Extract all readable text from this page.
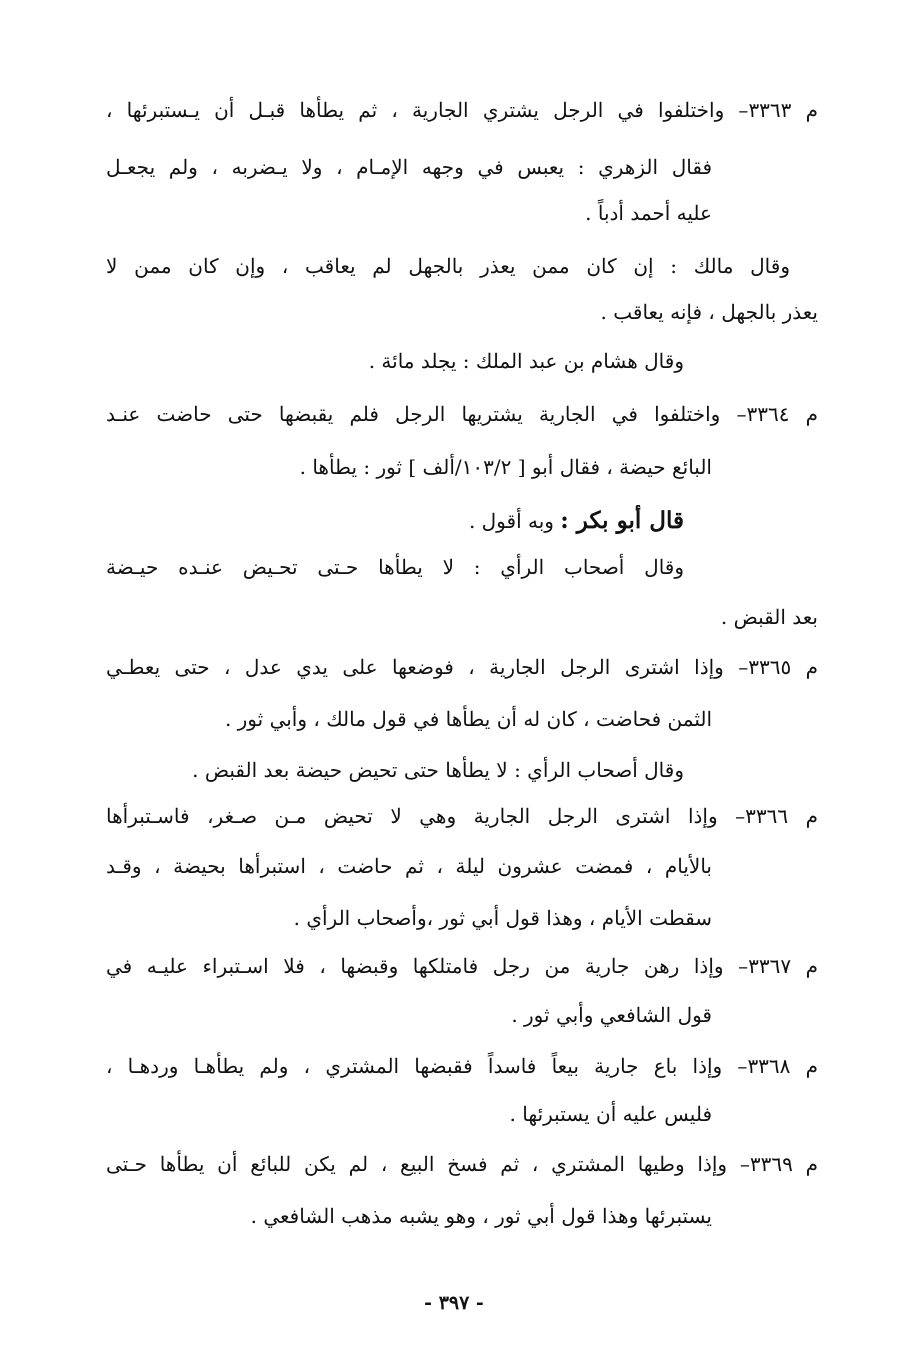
م ٣٣٦٣– واختلفوا في الرجل يشتري الجارية ، ثم يطأها قبـل أن يـستبرئها ،
فقال الزهري : يعبس في وجهه الإمـام ، ولا يـضربه ، ولم يجعـل
عليه أحمد أدباً .
وقال مالك : إن كان ممن يعذر بالجهل لم يعاقب ، وإن كان ممن لا
يعذر بالجهل ، فإنه يعاقب .
وقال هشام بن عبد الملك : يجلد مائة .
م ٣٣٦٤– واختلفوا في الجارية يشتريها الرجل فلم يقبضها حتى حاضت عنـد
البائع حيضة ، فقال أبو [ ١٠٣/٢/ألف ] ثور : يطأها .
قال أبو بكر : وبه أقول .
وقال أصحاب الرأي : لا يطأها حـتى تحـيض عنـده حيـضة
بعد القبض .
م ٣٣٦٥– وإذا اشترى الرجل الجارية ، فوضعها على يدي عدل ، حتى يعطـي
الثمن فحاضت ، كان له أن يطأها في قول مالك ، وأبي ثور .
وقال أصحاب الرأي : لا يطأها حتى تحيض حيضة بعد القبض .
م ٣٣٦٦– وإذا اشترى الرجل الجارية وهي لا تحيض مـن صـغر، فاسـتبرأها
بالأيام ، فمضت عشرون ليلة ، ثم حاضت ، استبرأها بحيضة ، وقـد
سقطت الأيام ، وهذا قول أبي ثور ،وأصحاب الرأي .
م ٣٣٦٧– وإذا رهن جارية من رجل فامتلكها وقبضها ، فلا اسـتبراء عليـه في
قول الشافعي وأبي ثور .
م ٣٣٦٨– وإذا باع جارية بيعاً فاسداً فقبضها المشتري ، ولم يطأهـا وردهـا ،
فليس عليه أن يستبرئها .
م ٣٣٦٩– وإذا وطيها المشتري ، ثم فسخ البيع ، لم يكن للبائع أن يطأها حـتى
يستبرئها وهذا قول أبي ثور ، وهو يشبه مذهب الشافعي .
- ٣٩٧ -
